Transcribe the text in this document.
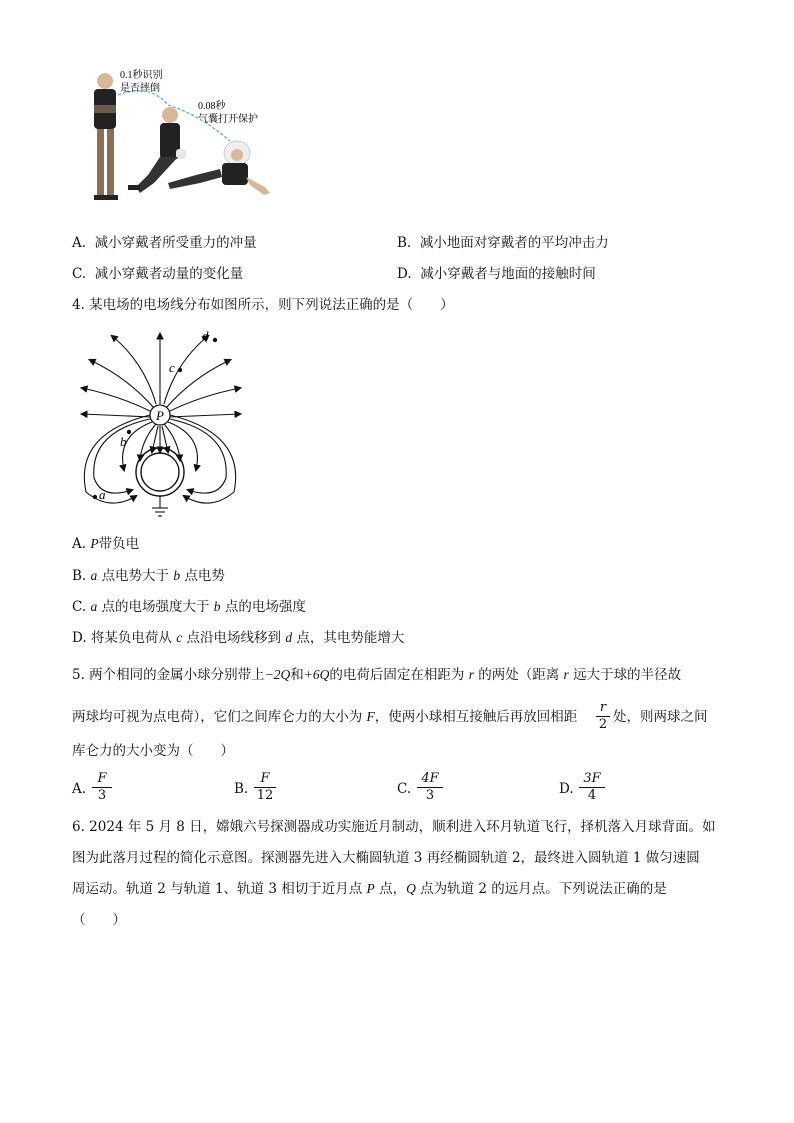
0.1秒识别
是否摔倒
0.08秒
气囊打开保护
A. 减小穿戴者所受重力的冲量	B. 减小地面对穿戴者的平均冲击力
C. 减小穿戴者动量的变化量	D. 减小穿戴者与地面的接触时间
4. 某电场的电场线分布如图所示，则下列说法正确的是（　　）
P
a
b
c
d
A. P带负电
B. a 点电势大于 b 点电势
C. a 点的电场强度大于 b 点的电场强度
D. 将某负电荷从 c 点沿电场线移到 d 点，其电势能增大
5. 两个相同的金属小球分别带上−2Q和+6Q的电荷后固定在相距为 r 的两处（距离 r 远大于球的半径故
两球均可视为点电荷），它们之间库仑力的大小为 F，使两小球相互接触后再放回相距 $\frac{r}{2}$ 处，则两球之间
库仑力的大小变为（　　）
A. $\frac{F}{3}$	B. $\frac{F}{12}$	C. $\frac{4F}{3}$	D. $\frac{3F}{4}$
6. 2024 年 5 月 8 日，嫦娥六号探测器成功实施近月制动，顺利进入环月轨道飞行，择机落入月球背面。如
图为此落月过程的简化示意图。探测器先进入大椭圆轨道 3 再经椭圆轨道 2，最终进入圆轨道 1 做匀速圆
周运动。轨道 2 与轨道 1、轨道 3 相切于近月点 P 点，Q 点为轨道 2 的远月点。下列说法正确的是
（　　）
